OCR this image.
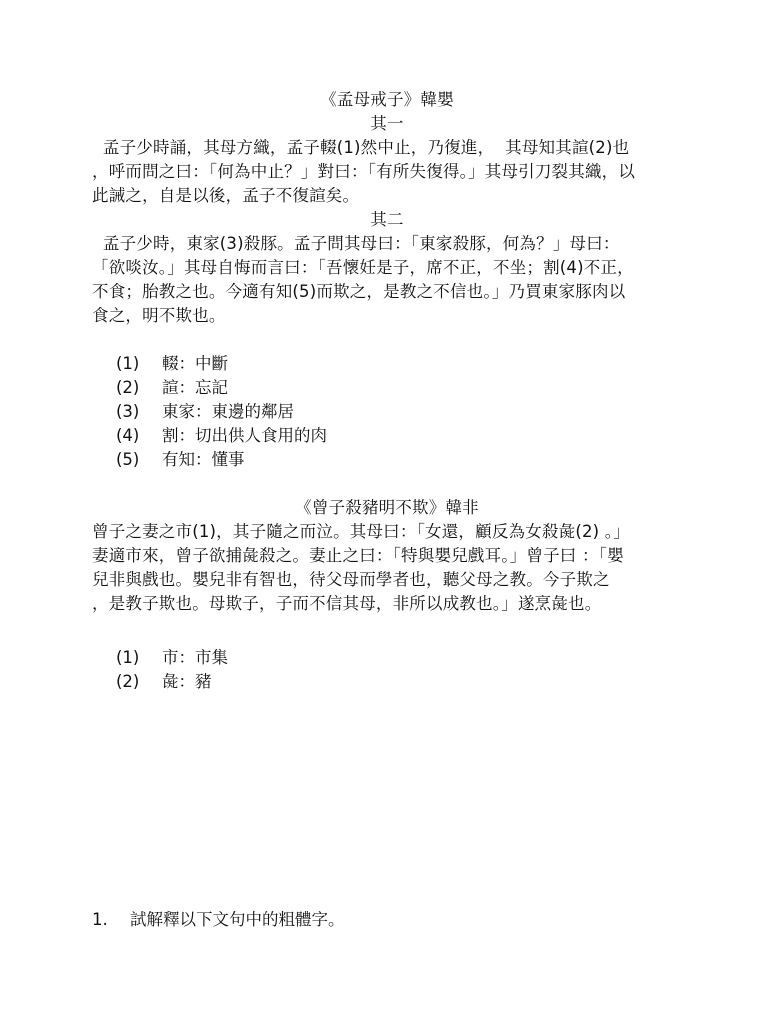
《孟母戒子》韓嬰
其一

孟子少時誦，其母方織，孟子輟(1)然中止，乃復進，  其母知其諠(2)也

，呼而問之曰：「何為中止？」對曰：「有所失復得。」其母引刀裂其織，以

此誡之，自是以後，孟子不復諠矣。

其二

孟子少時，東家(3)殺豚。孟子問其母曰：「東家殺豚，何為？」母曰：

「欲啖汝。」其母自悔而言曰：「吾懷妊是子，席不正，不坐；割(4)不正，

不食；胎教之也。今適有知(5)而欺之，是教之不信也。」乃買東家豚肉以

食之，明不欺也。

(1)	輟：中斷
(2)	諠：忘記
(3)	東家：東邊的鄰居
(4)	割：切出供人食用的肉
(5)	有知：懂事
《曾子殺豬明不欺》韓非

曾子之妻之市(1)，其子隨之而泣。其母曰：「女還，顧反為女殺彘(2) 。」

妻適市來，曾子欲捕彘殺之。妻止之曰：「特與嬰兒戲耳。」曾子曰 ：「嬰

兒非與戲也。嬰兒非有智也，待父母而學者也，聽父母之教。今子欺之

，是教子欺也。母欺子，子而不信其母，非所以成教也。」遂烹彘也。

(1)	市：市集
(2)	彘：豬
1.	試解釋以下文句中的粗體字。
